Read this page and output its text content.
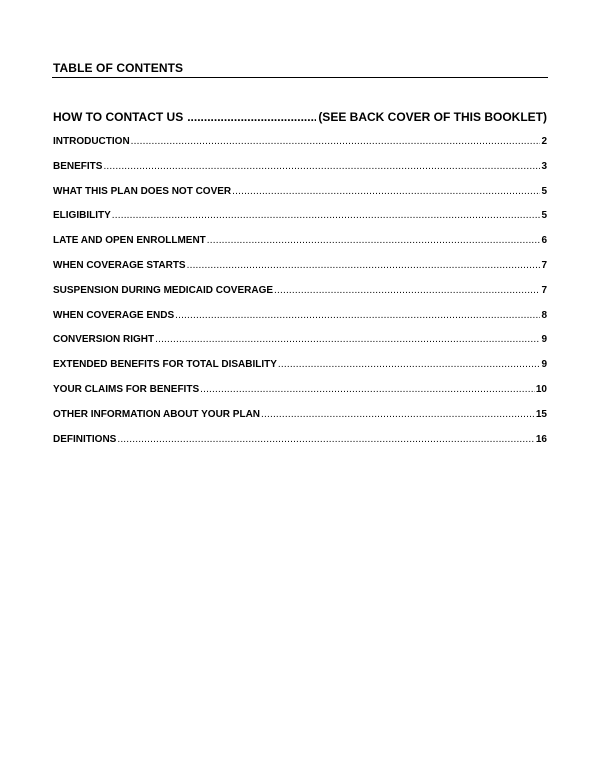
TABLE OF CONTENTS
HOW TO CONTACT US .....	(SEE BACK COVER OF THIS BOOKLET)
INTRODUCTION .....	2
BENEFITS .....	3
WHAT THIS PLAN DOES NOT COVER .....	5
ELIGIBILITY .....	5
LATE AND OPEN ENROLLMENT .....	6
WHEN COVERAGE STARTS .....	7
SUSPENSION DURING MEDICAID COVERAGE .....	7
WHEN COVERAGE ENDS .....	8
CONVERSION RIGHT .....	9
EXTENDED BENEFITS FOR TOTAL DISABILITY .....	9
YOUR CLAIMS FOR BENEFITS .....	10
OTHER INFORMATION ABOUT YOUR PLAN .....	15
DEFINITIONS .....	16
